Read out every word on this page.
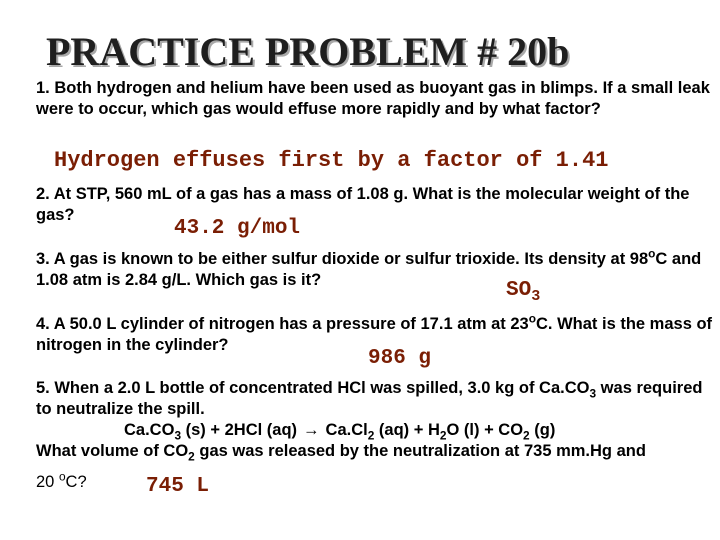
PRACTICE PROBLEM # 20b
1. Both hydrogen and helium have been used as buoyant gas in blimps. If a small leak were to occur, which gas would effuse more rapidly and by what factor?
Hydrogen effuses first by a factor of 1.41
2. At STP, 560 mL of a gas has a mass of 1.08 g. What is the molecular weight of the gas?
43.2 g/mol
3. A gas is known to be either sulfur dioxide or sulfur trioxide. Its density at 98$^o$C and 1.08 atm is 2.84 g/L. Which gas is it?	$SO_3$
4. A 50.0 L cylinder of nitrogen has a pressure of 17.1 atm at 23$^o$C. What is the mass of nitrogen in the cylinder?
986 g
5. When a 2.0 L bottle of concentrated HCl was spilled, 3.0 kg of $Ca.CO_3$ was required to neutralize the spill.
$Ca.CO_3$ (s) + 2HCl $(aq) \to Ca.Cl_2$ $(aq) + H_2O$ $(l) + CO_2$ (g)
What volume of $CO_2$ gas was released by the neutralization at 735 mm.Hg and
20 $^o$C?	745 L
